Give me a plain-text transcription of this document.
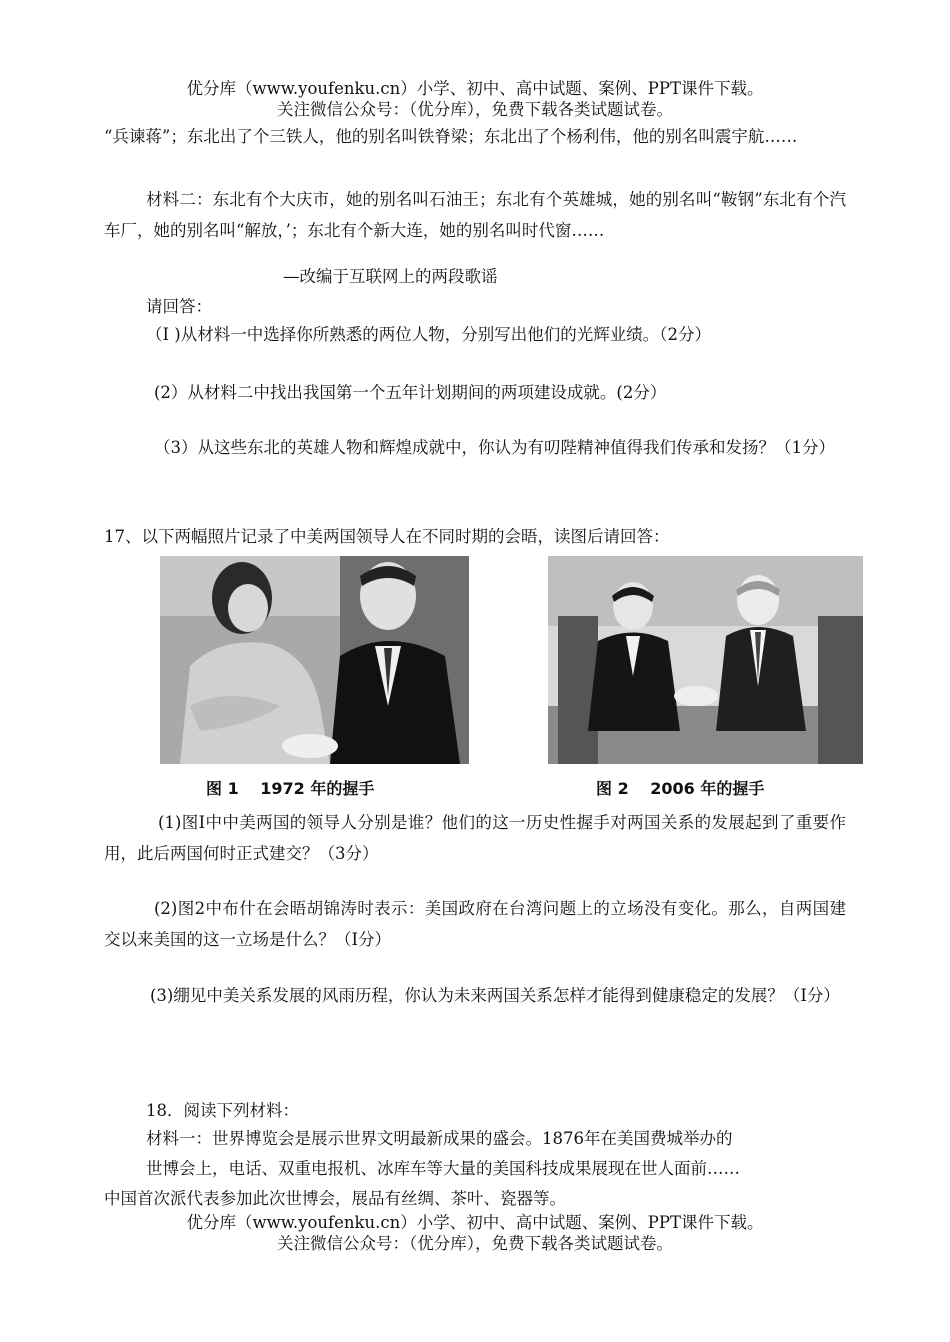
优分库（www.youfenku.cn）小学、初中、高中试题、案例、PPT课件下载。
关注微信公众号：（优分库），免费下载各类试题试卷。
“兵谏蒋”；东北出了个三铁人，他的别名叫铁脊梁；东北出了个杨利伟，他的别名叫震宇航……
材料二：东北有个大庆市，她的别名叫石油王；东北有个英雄城，她的别名叫“鞍钢”东北有个汽车厂，她的别名叫“解放，’；东北有个新大连，她的别名叫时代窗……
—改编于互联网上的两段歌谣
请回答：
（I )从材料一中选择你所熟悉的两位人物，分别写出他们的光辉业绩。（2分）
(2）从材料二中找出我国第一个五年计划期间的两项建设成就。(2分）
（3）从这些东北的英雄人物和辉煌成就中，你认为有叨陛精神值得我们传承和发扬？（1分）
17、以下两幅照片记录了中美两国领导人在不同时期的会晤，读图后请回答：
图 1　 1972 年的握手	图 2　 2006 年的握手
(1)图I中中美两国的领导人分别是谁？他们的这一历史性握手对两国关系的发展起到了重要作用，此后两国何时正式建交？（3分）
(2)图2中布什在会晤胡锦涛时表示：美国政府在台湾问题上的立场没有变化。那么，自两国建交以来美国的这一立场是什么？（I分）
(3)绷见中美关系发展的风雨历程，你认为未来两国关系怎样才能得到健康稳定的发展？（I分）
18．阅读下列材料：
材料一：世界博览会是展示世界文明最新成果的盛会。1876年在美国费城举办的
世博会上，电话、双重电报机、冰库车等大量的美国科技成果展现在世人面前……
中国首次派代表参加此次世博会，展品有丝绸、茶叶、瓷器等。
优分库（www.youfenku.cn）小学、初中、高中试题、案例、PPT课件下载。
关注微信公众号：（优分库），免费下载各类试题试卷。
